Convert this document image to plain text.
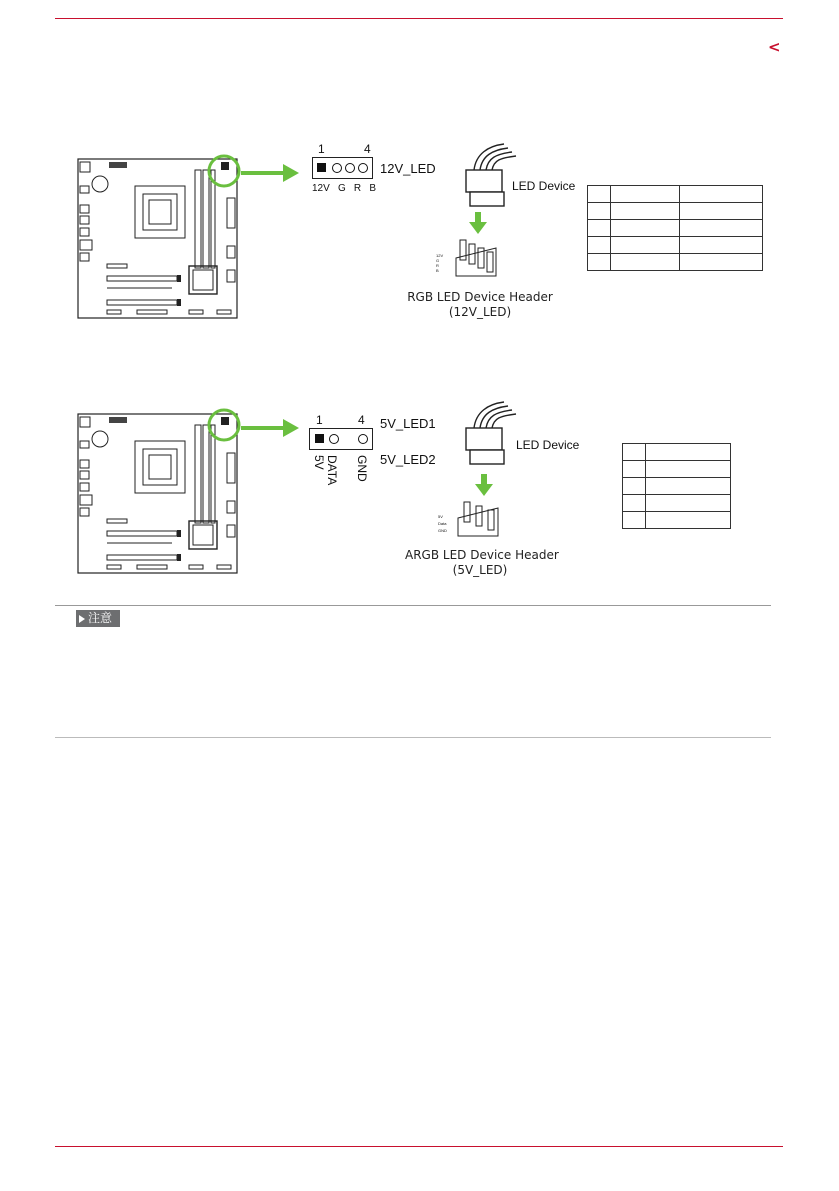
<
1	4
12V_LED
12V G R B
12V
G
R
B
LED Device
RGB LED Device Header
(12V_LED)

1	4 5V_LED1
5V_LED2
5V DATA GND
5V
Data
GND
LED Device
ARGB LED Device Header
(5V_LED)

注意
